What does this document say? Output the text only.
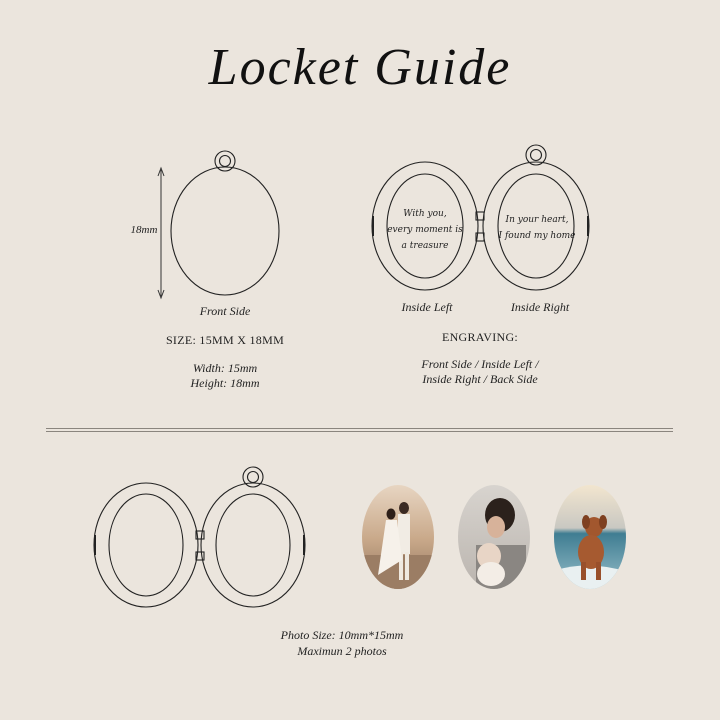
Locket Guide
With you,
every moment is
a treasure
In your heart,
I found my home
18mm
Front Side
SIZE: 15MM X 18MM
Width: 15mm
Height: 18mm
Inside Left	Inside Right
ENGRAVING:
Front Side / Inside Left /
Inside Right / Back Side
Photo Size: 10mm*15mm
Maximun 2 photos
